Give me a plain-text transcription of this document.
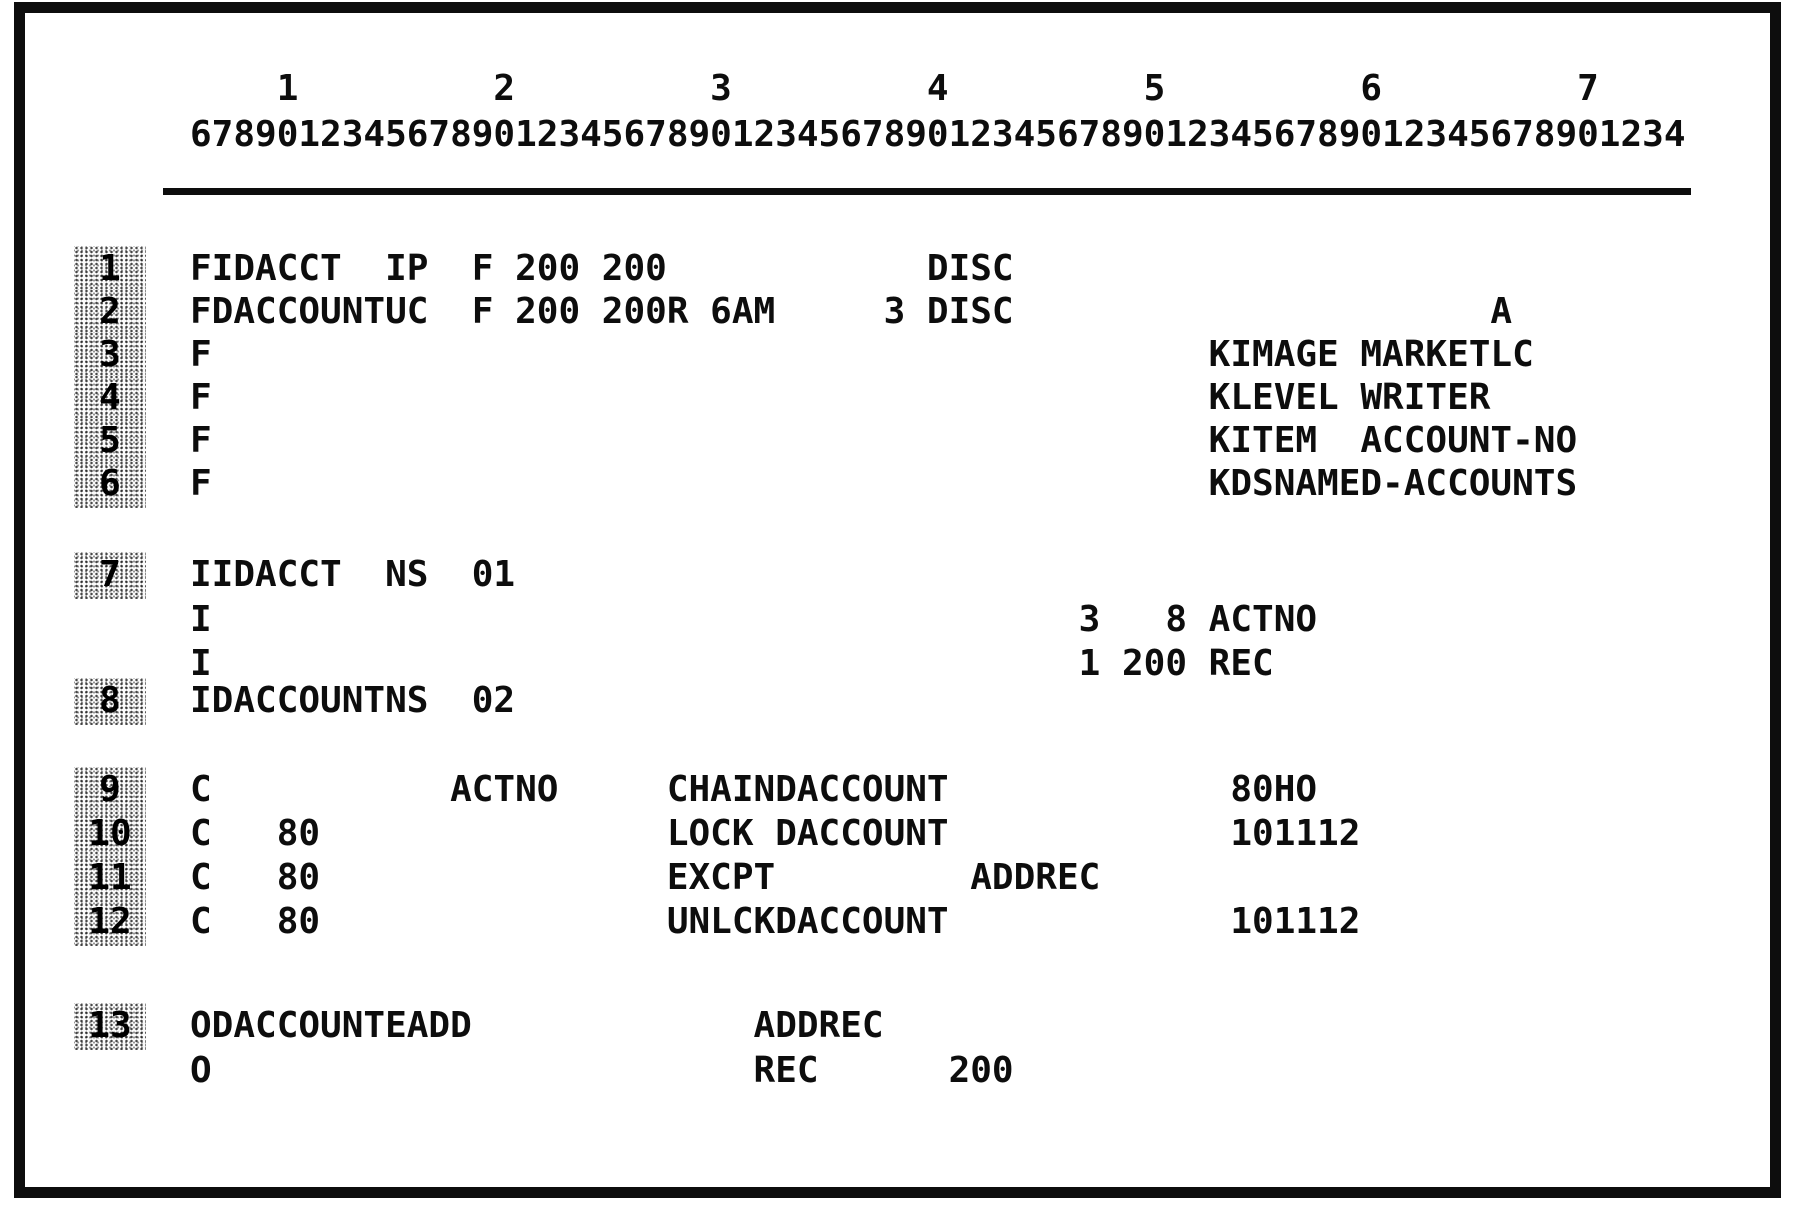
1         2         3         4         5         6         7
678901234567890123456789012345678901234567890123456789012345678901234
1	FIDACCT  IP  F 200 200            DISC
2	FDACCOUNTUC  F 200 200R 6AM     3 DISC                      A
3	F                                              KIMAGE MARKETLC
4	F                                              KLEVEL WRITER
5	F                                              KITEM  ACCOUNT-NO
6	F                                              KDSNAMED-ACCOUNTS
7	IIDACCT  NS  01
I                                        3   8 ACTNO
I                                        1 200 REC
8	IDACCOUNTNS  02
9	C           ACTNO     CHAINDACCOUNT             80HO
10	C   80                LOCK DACCOUNT             101112
11	C   80                EXCPT         ADDREC
12	C   80                UNLCKDACCOUNT             101112
13	ODACCOUNTEADD             ADDREC
O                         REC      200
